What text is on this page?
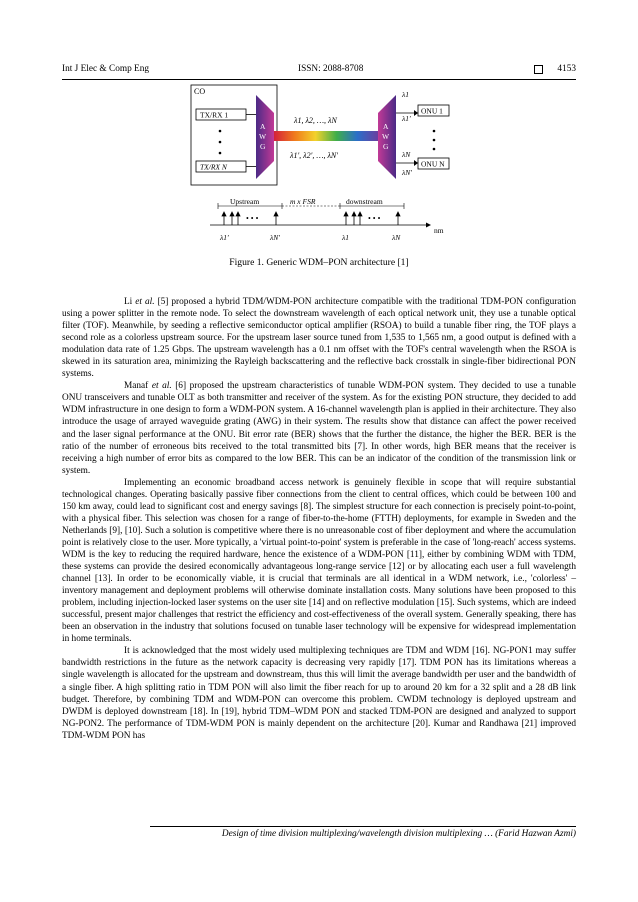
Int J Elec & Comp Eng	ISSN: 2088-8708	4153
CO
TX/RX 1
TX/RX N
A
W
G
λ1, λ2, …, λN
λ1', λ2', …, λN'
A
W
G
λ1
λ1'
λN
λN'
ONU 1
ONU N
Upstream	m x FSR	downstream
nm
• • •	• • •
λ1'	λN'	λ1	λN
Figure 1. Generic WDM–PON architecture [1]

Li et al. [5] proposed a hybrid TDM/WDM-PON architecture compatible with the traditional TDM-PON configuration using a power splitter in the remote node. To select the downstream wavelength of each optical network unit, they use a tunable optical filter (TOF). Meanwhile, by seeding a reflective semiconductor optical amplifier (RSOA) to build a tunable fiber ring, the TOF plays a second role as a colorless upstream source. For the upstream laser source tuned from 1,535 to 1,565 nm, a good output is defined with a modulation data rate of 1.25 Gbps. The upstream wavelength has a 0.1 nm offset with the TOF's central wavelength when the RSOA is skewed in its saturation area, minimizing the Rayleigh backscattering and the reflective back crosstalk in single-fiber bidirectional PON systems.

Manaf et al. [6] proposed the upstream characteristics of tunable WDM-PON system. They decided to use a tunable ONU transceivers and tunable OLT as both transmitter and receiver of the system. As for the existing PON structure, they decided to add WDM infrastructure in one design to form a WDM-PON system. A 16-channel wavelength plan is applied in their architecture. They also introduce the usage of arrayed waveguide grating (AWG) in their system. The results show that distance can affect the power received and the laser signal performance at the ONU. Bit error rate (BER) shows that the further the distance, the higher the BER. BER is the ratio of the number of erroneous bits received to the total transmitted bits [7]. In other words, high BER means that the receiver is receiving a high number of error bits as compared to the low BER. This can be an indicator of the condition of the transmission link or system.

Implementing an economic broadband access network is genuinely flexible in scope that will require substantial technological changes. Operating basically passive fiber connections from the client to central offices, which could be between 100 and 150 km away, could lead to significant cost and energy savings [8]. The simplest structure for each connection is precisely point-to-point, with a physical fiber. This selection was chosen for a range of fiber-to-the-home (FTTH) deployments, for example in Sweden and the Netherlands [9], [10]. Such a solution is competitive where there is no unreasonable cost of fiber deployment and where the accumulation point is relatively close to the user. More typically, a 'virtual point-to-point' system is preferable in the case of 'long-reach' access systems. WDM is the key to reducing the required hardware, hence the existence of a WDM-PON [11], either by combining WDM with TDM, these systems can provide the desired economically advantageous long-range service [12] or by allocating each user a full wavelength channel [13]. In order to be economically viable, it is crucial that terminals are all identical in a WDM network, i.e., 'colorless' – inventory management and deployment problems will otherwise dominate installation costs. Many solutions have been proposed to this problem, including injection-locked laser systems on the user site [14] and on reflective modulation [15]. Such systems, which are indeed successful, present major challenges that restrict the efficiency and cost-effectiveness of the overall system. Generally speaking, there has been an observation in the industry that solutions focused on tunable laser technology will be expensive for widespread implementation in home terminals.

It is acknowledged that the most widely used multiplexing techniques are TDM and WDM [16]. NG-PON1 may suffer bandwidth restrictions in the future as the network capacity is decreasing very rapidly [17]. TDM PON has its limitations whereas a single wavelength is allocated for the upstream and downstream, thus this will limit the average bandwidth per user and the bandwidth of a single fiber. A high splitting ratio in TDM PON will also limit the fiber reach for up to around 20 km for a 32 split and a 28 dB link budget. Therefore, by combining TDM and WDM-PON can overcome this problem. CWDM technology is deployed upstream and DWDM is deployed downstream [18]. In [19], hybrid TDM–WDM PON and stacked TDM-PON are designed and analyzed to support NG-PON2. The performance of TDM-WDM PON is mainly dependent on the architecture [20]. Kumar and Randhawa [21] improved TDM-WDM PON has

Design of time division multiplexing/wavelength division multiplexing … (Farid Hazwan Azmi)
